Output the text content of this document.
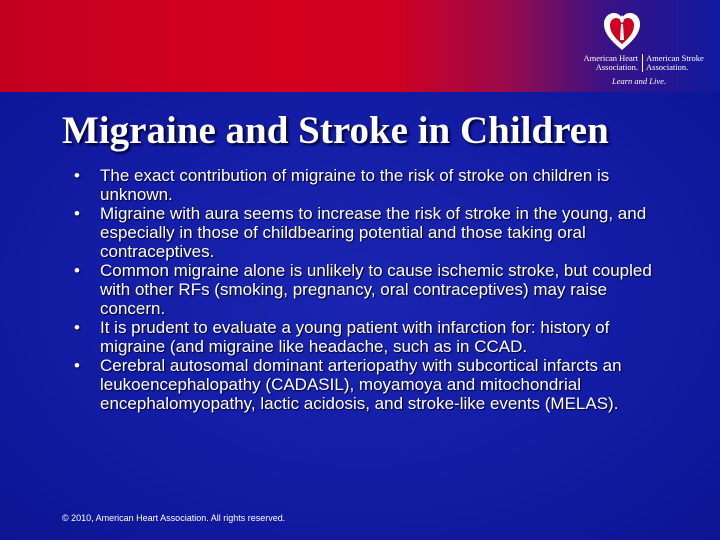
American Heart
Association.
American Stroke
Association.
Learn and Live.
Migraine and Stroke in Children
• The exact contribution of migraine to the risk of stroke on children is unknown.
• Migraine with aura seems to increase the risk of stroke in the young, and especially in those of childbearing potential and those taking oral contraceptives.
• Common migraine alone is unlikely to cause ischemic stroke, but coupled with other RFs (smoking, pregnancy, oral contraceptives) may raise concern.
• It is prudent to evaluate a young patient with infarction for: history of migraine (and migraine like headache, such as in CCAD.
• Cerebral autosomal dominant arteriopathy with subcortical infarcts an leukoencephalopathy (CADASIL), moyamoya and mitochondrial encephalomyopathy, lactic acidosis, and stroke-like events (MELAS).
© 2010, American Heart Association. All rights reserved.
